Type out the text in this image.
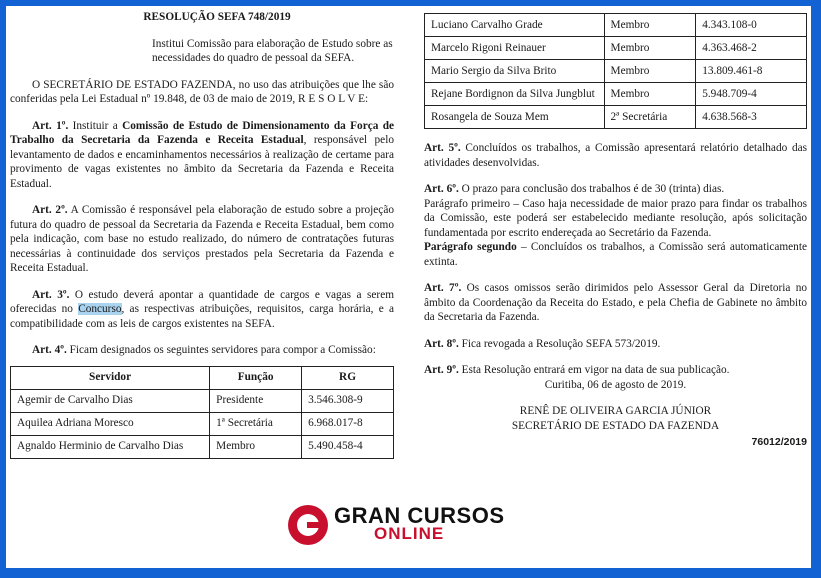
RESOLUÇÃO SEFA 748/2019

Institui Comissão para elaboração de Estudo sobre as necessidades do quadro de pessoal da SEFA.

O SECRETÁRIO DE ESTADO FAZENDA, no uso das atribuições que lhe são conferidas pela Lei Estadual nº 19.848, de 03 de maio de 2019, R E S O L V E:

Art. 1º. Instituir a Comissão de Estudo de Dimensionamento da Força de Trabalho da Secretaria da Fazenda e Receita Estadual, responsável pelo levantamento de dados e encaminhamentos necessários à realização de certame para provimento de vagas existentes no âmbito da Secretaria da Fazenda e Receita Estadual.

Art. 2º. A Comissão é responsável pela elaboração de estudo sobre a projeção futura do quadro de pessoal da Secretaria da Fazenda e Receita Estadual, bem como pela indicação, com base no estudo realizado, do número de contratações futuras necessárias à continuidade dos serviços prestados pela Secretaria da Fazenda e Receita Estadual.

Art. 3º. O estudo deverá apontar a quantidade de cargos e vagas a serem oferecidas no Concurso, as respectivas atribuições, requisitos, carga horária, e a compatibilidade com as leis de cargos existentes na SEFA.

Art. 4º. Ficam designados os seguintes servidores para compor a Comissão:

Servidor	Função	RG
Agemir de Carvalho Dias	Presidente	3.546.308-9
Aquilea Adriana Moresco	1ª Secretária	6.968.017-8
Agnaldo Herminio de Carvalho Dias	Membro	5.490.458-4
Luciano Carvalho Grade	Membro	4.343.108-0
Marcelo Rigoni Reinauer	Membro	4.363.468-2
Mario Sergio da Silva Brito	Membro	13.809.461-8
Rejane Bordignon da Silva Jungblut	Membro	5.948.709-4
Rosangela de Souza Mem	2ª Secretária	4.638.568-3

Art. 5º. Concluídos os trabalhos, a Comissão apresentará relatório detalhado das atividades desenvolvidas.

Art. 6º. O prazo para conclusão dos trabalhos é de 30 (trinta) dias.

Parágrafo primeiro – Caso haja necessidade de maior prazo para findar os trabalhos da Comissão, este poderá ser estabelecido mediante resolução, após solicitação fundamentada por escrito endereçada ao Secretário da Fazenda.

Parágrafo segundo – Concluídos os trabalhos, a Comissão será automaticamente extinta.

Art. 7º. Os casos omissos serão dirimidos pelo Assessor Geral da Diretoria no âmbito da Coordenação da Receita do Estado, e pela Chefia de Gabinete no âmbito da Secretaria da Fazenda.

Art. 8º. Fica revogada a Resolução SEFA 573/2019.

Art. 9º. Esta Resolução entrará em vigor na data de sua publicação.

Curitiba, 06 de agosto de 2019.

RENÊ DE OLIVEIRA GARCIA JÚNIOR

SECRETÁRIO DE ESTADO DA FAZENDA

76012/2019

GRAN CURSOS
ONLINE
